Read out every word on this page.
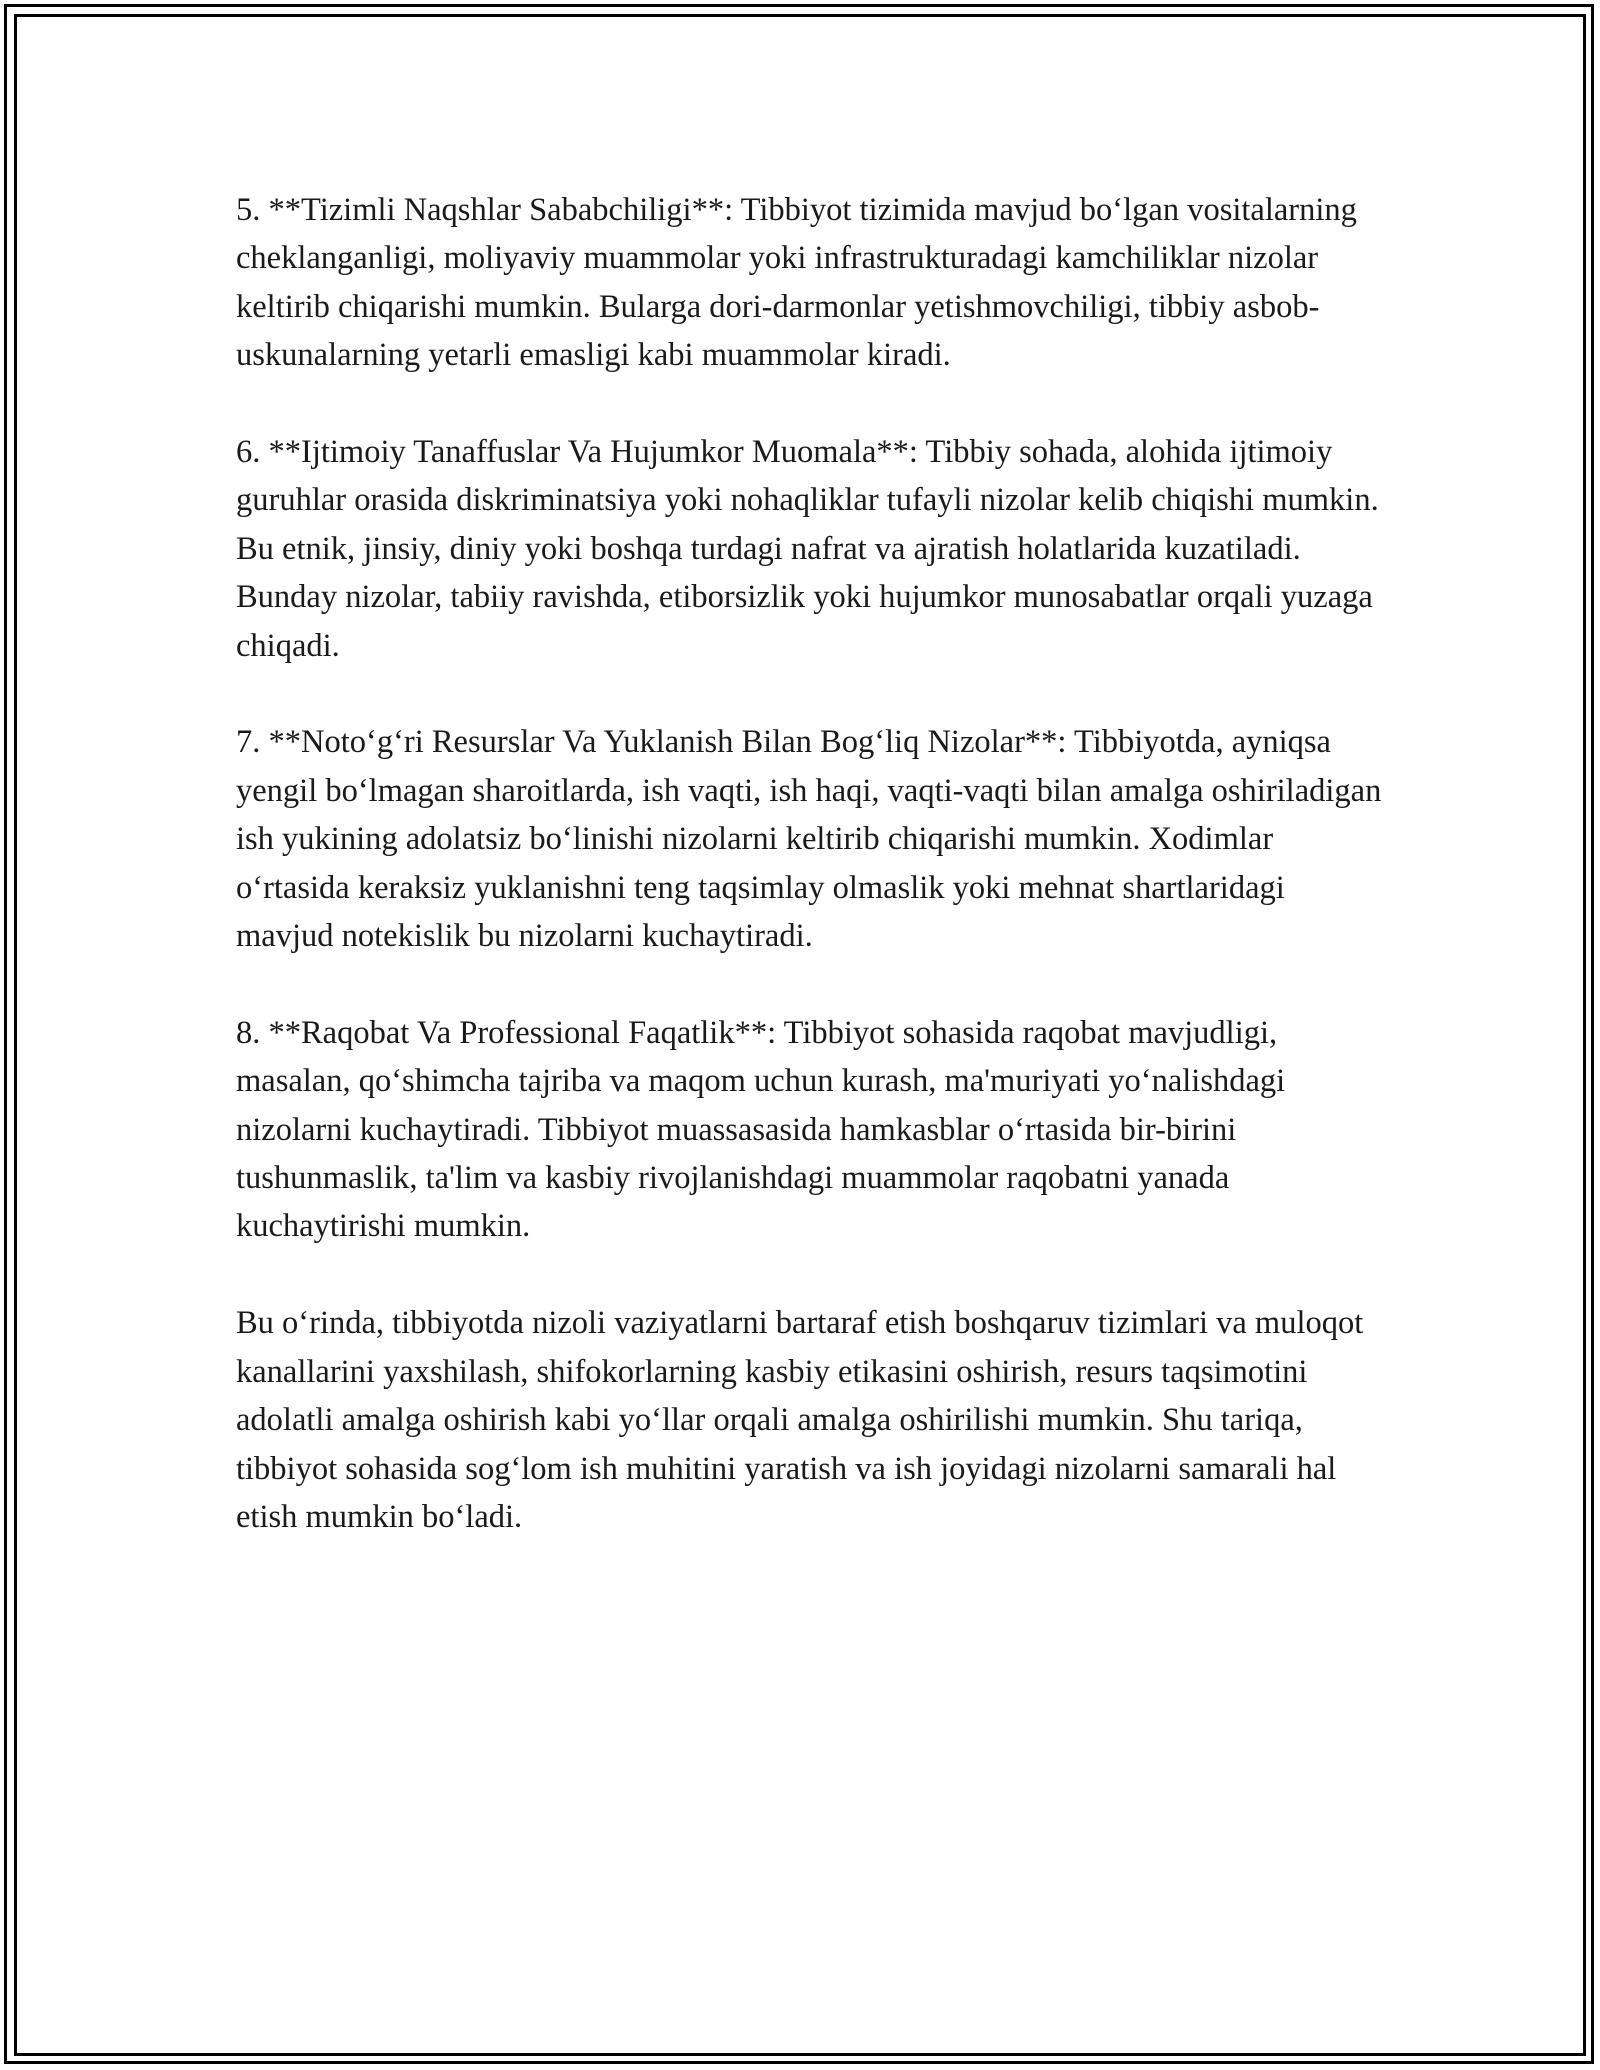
5. **Tizimli Naqshlar Sababchiligi**: Tibbiyot tizimida mavjud bo‘lgan vositalarning cheklanganligi, moliyaviy muammolar yoki infrastrukturadagi kamchiliklar nizolar keltirib chiqarishi mumkin. Bularga dori-darmonlar yetishmovchiligi, tibbiy asbob-uskunalarning yetarli emasligi kabi muammolar kiradi.

6. **Ijtimoiy Tanaffuslar Va Hujumkor Muomala**: Tibbiy sohada, alohida ijtimoiy guruhlar orasida diskriminatsiya yoki nohaqliklar tufayli nizolar kelib chiqishi mumkin. Bu etnik, jinsiy, diniy yoki boshqa turdagi nafrat va ajratish holatlarida kuzatiladi. Bunday nizolar, tabiiy ravishda, etiborsizlik yoki hujumkor munosabatlar orqali yuzaga chiqadi.

7. **Noto‘g‘ri Resurslar Va Yuklanish Bilan Bog‘liq Nizolar**: Tibbiyotda, ayniqsa yengil bo‘lmagan sharoitlarda, ish vaqti, ish haqi, vaqti-vaqti bilan amalga oshiriladigan ish yukining adolatsiz bo‘linishi nizolarni keltirib chiqarishi mumkin. Xodimlar o‘rtasida keraksiz yuklanishni teng taqsimlay olmaslik yoki mehnat shartlaridagi mavjud notekislik bu nizolarni kuchaytiradi.

8. **Raqobat Va Professional Faqatlik**: Tibbiyot sohasida raqobat mavjudligi, masalan, qo‘shimcha tajriba va maqom uchun kurash, ma'muriyati yo‘nalishdagi nizolarni kuchaytiradi. Tibbiyot muassasasida hamkasblar o‘rtasida bir-birini tushunmaslik, ta'lim va kasbiy rivojlanishdagi muammolar raqobatni yanada kuchaytirishi mumkin.

Bu o‘rinda, tibbiyotda nizoli vaziyatlarni bartaraf etish boshqaruv tizimlari va muloqot kanallarini yaxshilash, shifokorlarning kasbiy etikasini oshirish, resurs taqsimotini adolatli amalga oshirish kabi yo‘llar orqali amalga oshirilishi mumkin. Shu tariqa, tibbiyot sohasida sog‘lom ish muhitini yaratish va ish joyidagi nizolarni samarali hal etish mumkin bo‘ladi.
